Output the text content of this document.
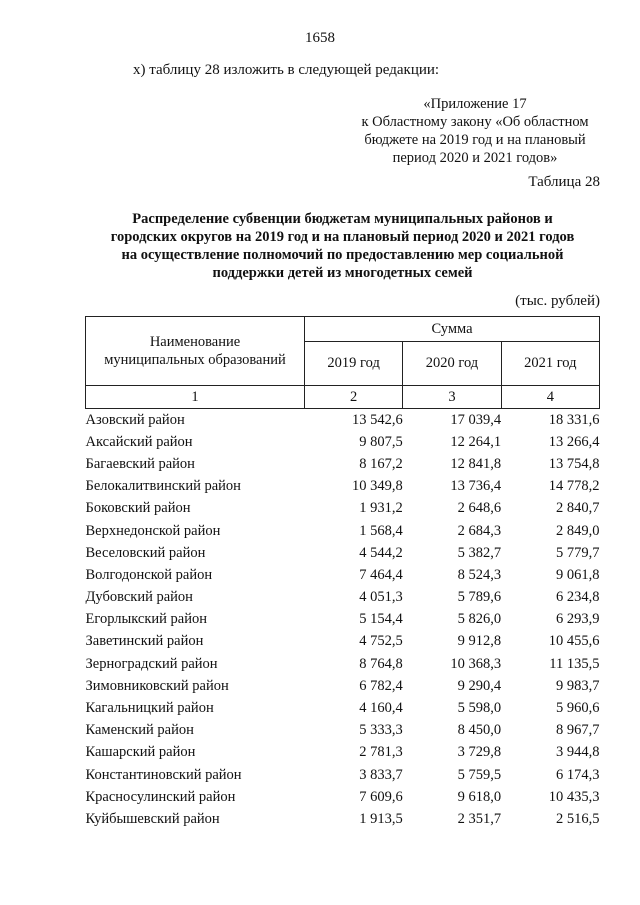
1658
х) таблицу 28 изложить в следующей редакции:
«Приложение 17
к Областному закону «Об областном
бюджете на 2019 год и на плановый
период 2020 и 2021 годов»
Таблица 28
Распределение субвенции бюджетам муниципальных районов и
городских округов на 2019 год и на плановый период 2020 и 2021 годов
на осуществление полномочий по предоставлению мер социальной
поддержки детей из многодетных семей
(тыс. рублей)
Наименование
муниципальных образований	Сумма		
	2019 год	2020 год	2021 год
1	2	3	4
Азовский район	13 542,6	17 039,4	18 331,6
Аксайский район	9 807,5	12 264,1	13 266,4
Багаевский район	8 167,2	12 841,8	13 754,8
Белокалитвинский район	10 349,8	13 736,4	14 778,2
Боковский район	1 931,2	2 648,6	2 840,7
Верхнедонской район	1 568,4	2 684,3	2 849,0
Веселовский район	4 544,2	5 382,7	5 779,7
Волгодонской район	7 464,4	8 524,3	9 061,8
Дубовский район	4 051,3	5 789,6	6 234,8
Егорлыкский район	5 154,4	5 826,0	6 293,9
Заветинский район	4 752,5	9 912,8	10 455,6
Зерноградский район	8 764,8	10 368,3	11 135,5
Зимовниковский район	6 782,4	9 290,4	9 983,7
Кагальницкий район	4 160,4	5 598,0	5 960,6
Каменский район	5 333,3	8 450,0	8 967,7
Кашарский район	2 781,3	3 729,8	3 944,8
Константиновский район	3 833,7	5 759,5	6 174,3
Красносулинский район	7 609,6	9 618,0	10 435,3
Куйбышевский район	1 913,5	2 351,7	2 516,5
